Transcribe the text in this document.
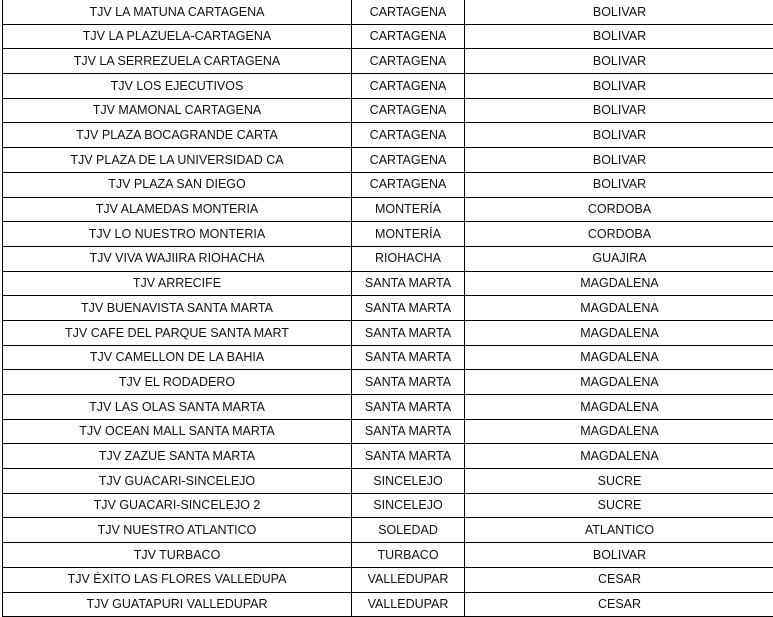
TJV LA MATUNA CARTAGENA	CARTAGENA	BOLIVAR
TJV LA PLAZUELA-CARTAGENA	CARTAGENA	BOLIVAR
TJV LA SERREZUELA CARTAGENA	CARTAGENA	BOLIVAR
TJV LOS EJECUTIVOS	CARTAGENA	BOLIVAR
TJV MAMONAL CARTAGENA	CARTAGENA	BOLIVAR
TJV PLAZA BOCAGRANDE CARTA	CARTAGENA	BOLIVAR
TJV PLAZA DE LA UNIVERSIDAD CA	CARTAGENA	BOLIVAR
TJV PLAZA SAN DIEGO	CARTAGENA	BOLIVAR
TJV ALAMEDAS MONTERIA	MONTERÍA	CORDOBA
TJV LO NUESTRO MONTERIA	MONTERÍA	CORDOBA
TJV VIVA WAJIIRA RIOHACHA	RIOHACHA	GUAJIRA
TJV ARRECIFE	SANTA MARTA	MAGDALENA
TJV BUENAVISTA SANTA MARTA	SANTA MARTA	MAGDALENA
TJV CAFE DEL PARQUE SANTA MART	SANTA MARTA	MAGDALENA
TJV CAMELLON DE LA BAHIA	SANTA MARTA	MAGDALENA
TJV EL RODADERO	SANTA MARTA	MAGDALENA
TJV LAS OLAS SANTA MARTA	SANTA MARTA	MAGDALENA
TJV OCEAN MALL SANTA MARTA	SANTA MARTA	MAGDALENA
TJV ZAZUE SANTA MARTA	SANTA MARTA	MAGDALENA
TJV GUACARI-SINCELEJO	SINCELEJO	SUCRE
TJV GUACARI-SINCELEJO 2	SINCELEJO	SUCRE
TJV NUESTRO ATLANTICO	SOLEDAD	ATLANTICO
TJV TURBACO	TURBACO	BOLIVAR
TJV ÉXITO LAS FLORES VALLEDUPA	VALLEDUPAR	CESAR
TJV GUATAPURI VALLEDUPAR	VALLEDUPAR	CESAR
